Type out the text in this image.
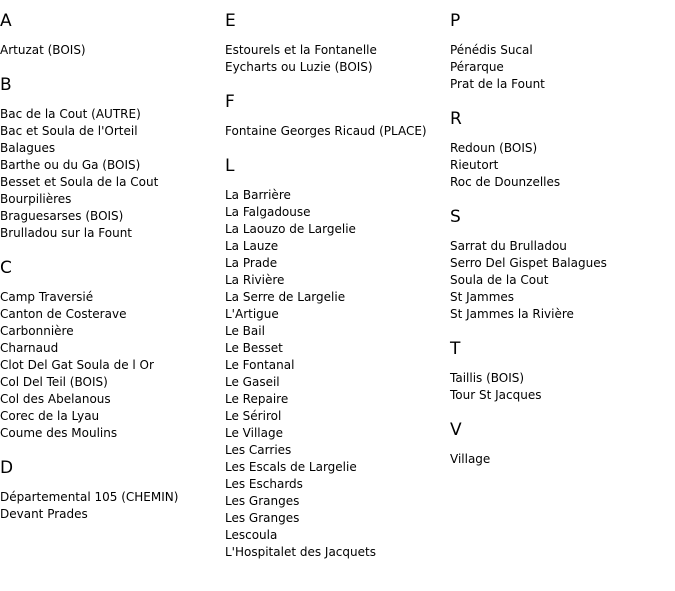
A
Artuzat (BOIS)
B
Bac de la Cout (AUTRE)
Bac et Soula de l'Orteil
Balagues
Barthe ou du Ga (BOIS)
Besset et Soula de la Cout
Bourpilières
Braguesarses (BOIS)
Brulladou sur la Fount
C
Camp Traversié
Canton de Costerave
Carbonnière
Charnaud
Clot Del Gat Soula de l Or
Col Del Teil (BOIS)
Col des Abelanous
Corec de la Lyau
Coume des Moulins
D
Départemental 105 (CHEMIN)
Devant Prades
E
Estourels et la Fontanelle
Eycharts ou Luzie (BOIS)
F
Fontaine Georges Ricaud (PLACE)
L
La Barrière
La Falgadouse
La Laouzo de Largelie
La Lauze
La Prade
La Rivière
La Serre de Largelie
L'Artigue
Le Bail
Le Besset
Le Fontanal
Le Gaseil
Le Repaire
Le Sérirol
Le Village
Les Carries
Les Escals de Largelie
Les Eschards
Les Granges
Les Granges
Lescoula
L'Hospitalet des Jacquets
P
Pénédis Sucal
Pérarque
Prat de la Fount
R
Redoun (BOIS)
Rieutort
Roc de Dounzelles
S
Sarrat du Brulladou
Serro Del Gispet Balagues
Soula de la Cout
St Jammes
St Jammes la Rivière
T
Taillis (BOIS)
Tour St Jacques
V
Village
